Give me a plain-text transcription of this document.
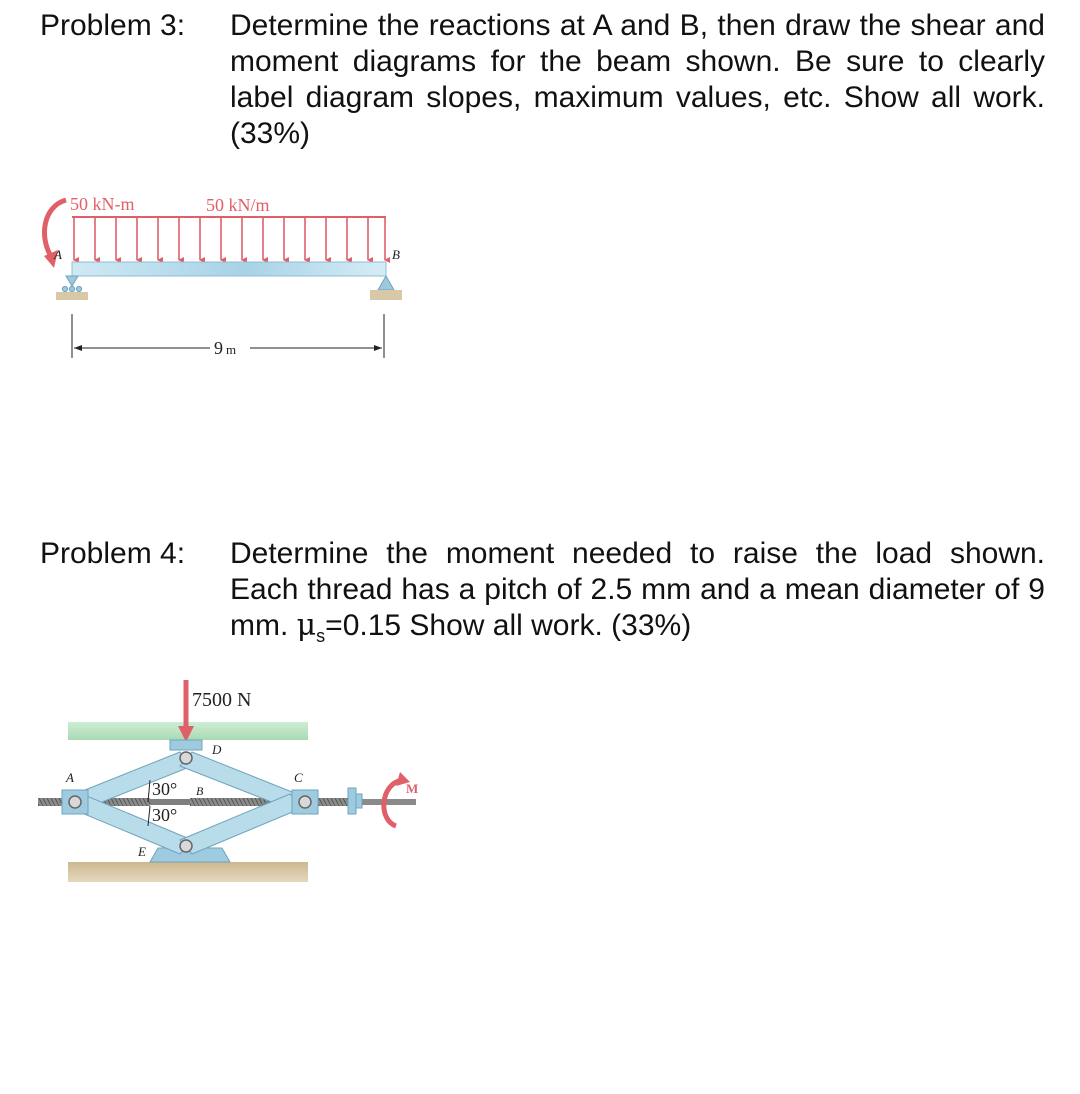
Problem 3: Determine the reactions at A and B, then draw the shear and moment diagrams for the beam shown. Be sure to clearly label diagram slopes, maximum values, etc. Show all work. (33%)
50 kN-m	50 kN/m
A	B
9 m
Problem 4: Determine the moment needed to raise the load shown. Each thread has a pitch of 2.5 mm and a mean diameter of 9 mm. $\mu_s=0.15$ Show all work. (33%)
7500 N
A
B
C
D
E
30°
30°
M
